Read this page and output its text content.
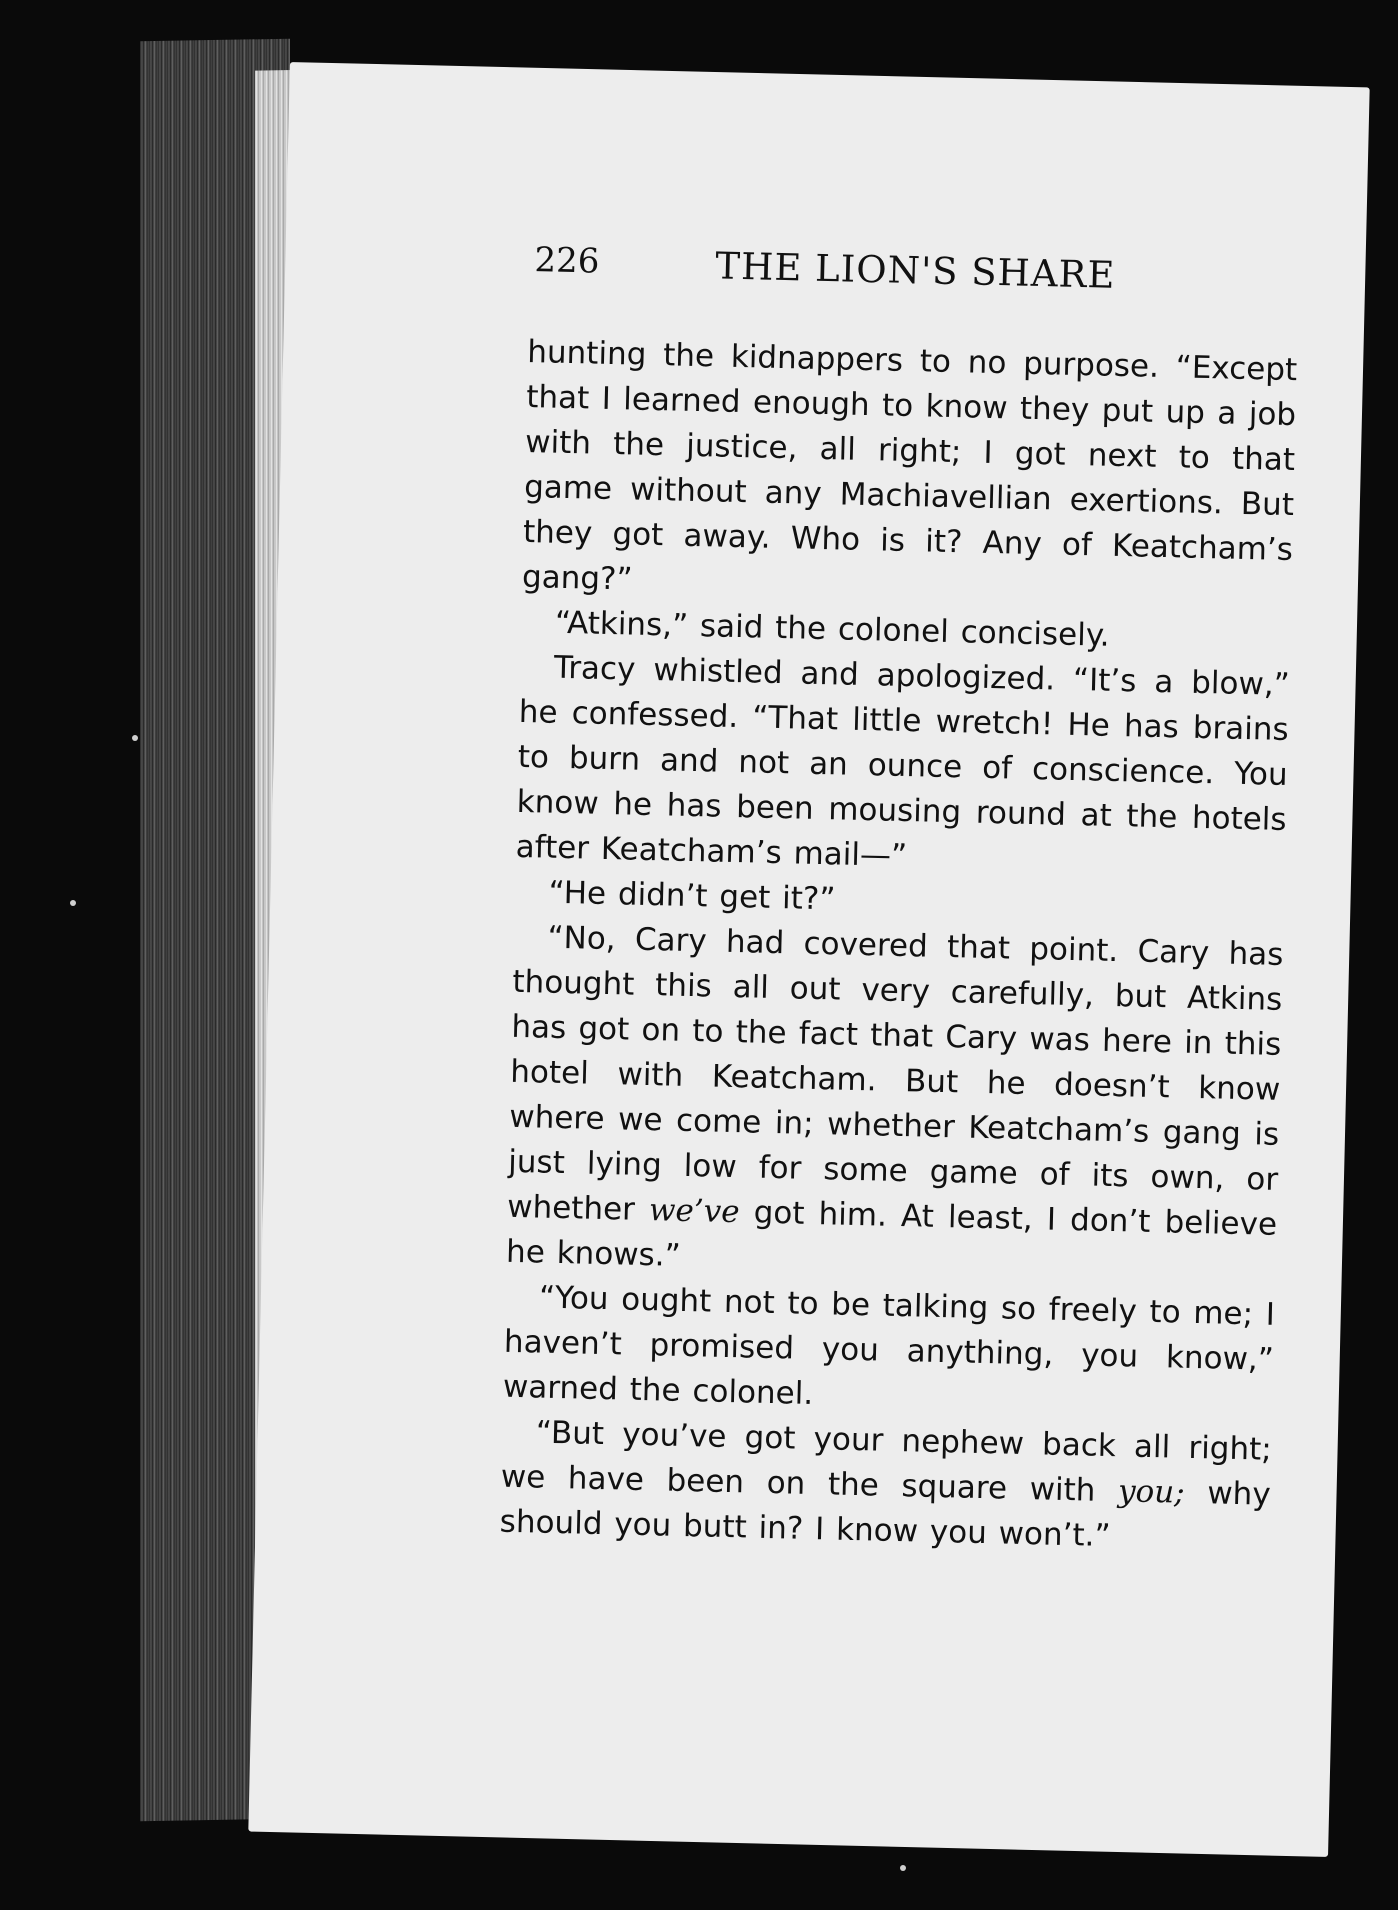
226	THE LION'S SHARE

hunting the kidnappers to no purpose. “Except that I learned enough to know they put up a job with the justice, all right; I got next to that game without any Machiavellian exertions. But they got away. Who is it? Any of Keatcham’s gang?”

“Atkins,” said the colonel concisely.

Tracy whistled and apologized. “It’s a blow,” he confessed. “That little wretch! He has brains to burn and not an ounce of conscience. You know he has been mousing round at the hotels after Keatcham’s mail—”

“He didn’t get it?”

“No, Cary had covered that point. Cary has thought this all out very carefully, but Atkins has got on to the fact that Cary was here in this hotel with Keatcham. But he doesn’t know where we come in; whether Keatcham’s gang is just lying low for some game of its own, or whether we’ve got him. At least, I don’t believe he knows.”

“You ought not to be talking so freely to me; I haven’t promised you anything, you know,” warned the colonel.

“But you’ve got your nephew back all right; we have been on the square with you; why should you butt in? I know you won’t.”
